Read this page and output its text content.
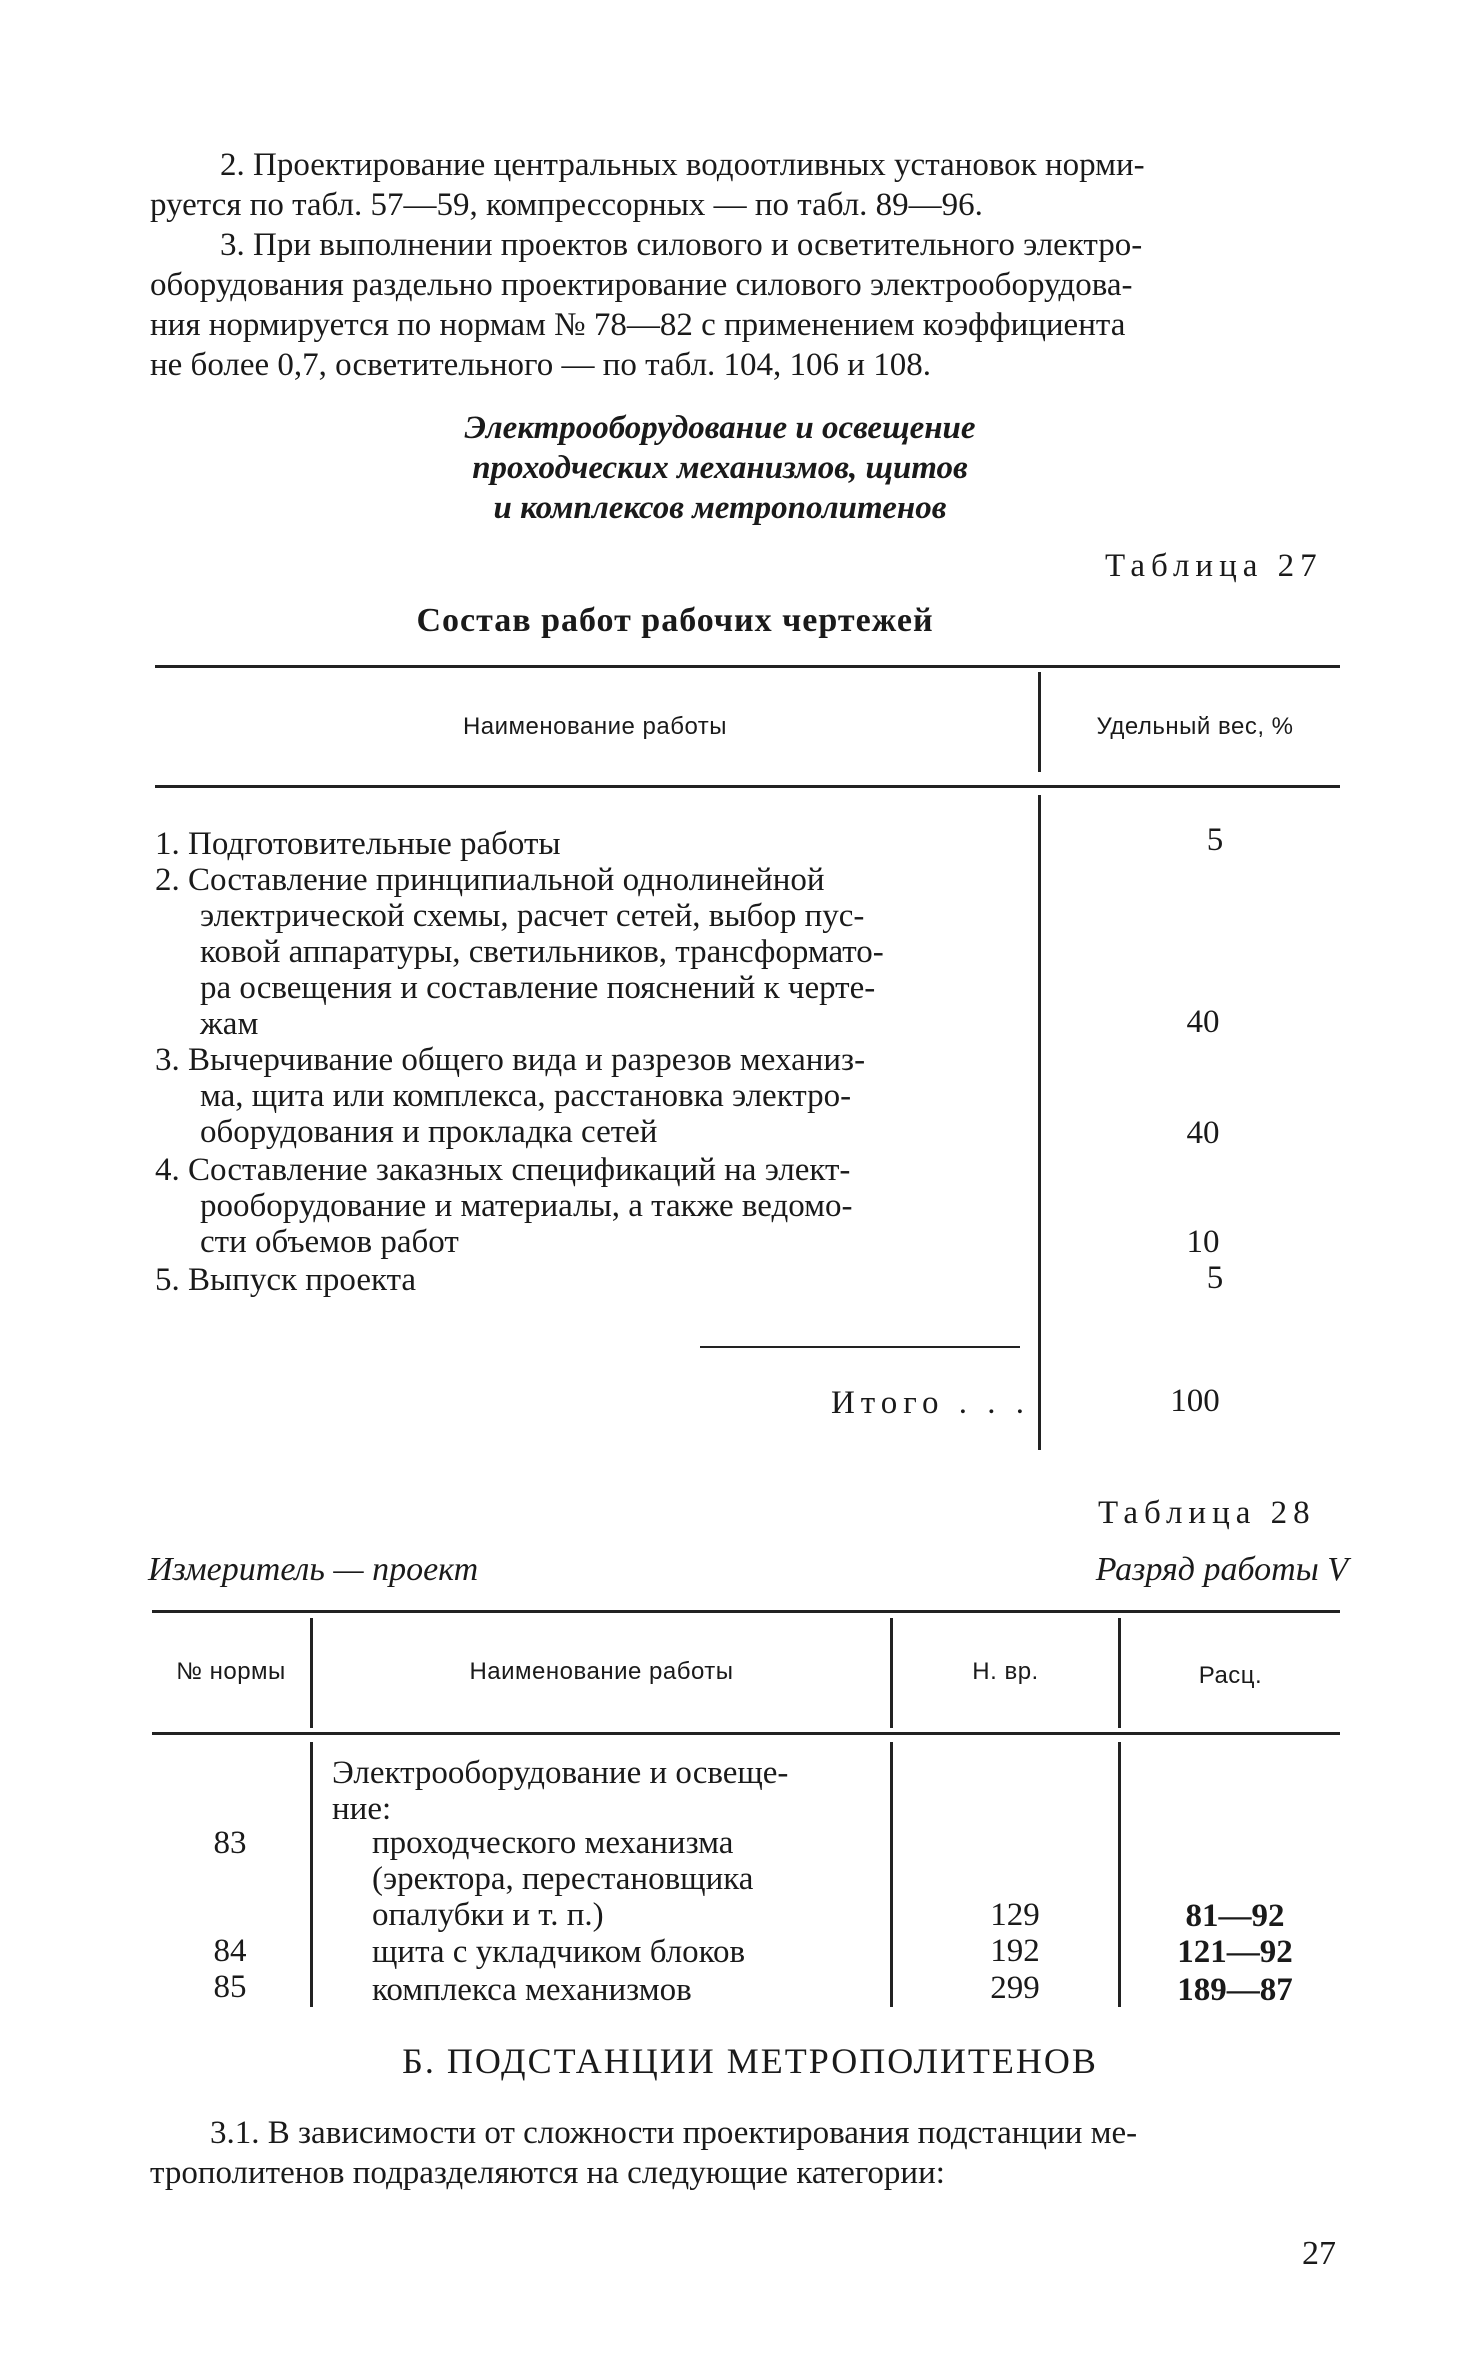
2. Проектирование центральных водоотливных установок норми-
руется по табл. 57—59, компрессорных — по табл. 89—96.
3. При выполнении проектов силового и осветительного электро-
оборудования раздельно проектирование силового электрооборудова-
ния нормируется по нормам № 78—82 с применением коэффициента
не более 0,7, осветительного — по табл. 104, 106 и 108.
Электрооборудование и освещение
проходческих механизмов, щитов
и комплексов метрополитенов
Таблица 27
Состав работ рабочих чертежей
Наименование работы	Удельный вес, %
1. Подготовительные работы	5
2. Составление принципиальной однолинейной
электрической схемы, расчет сетей, выбор пус-
ковой аппаратуры, светильников, трансформато-
ра освещения и составление пояснений к черте-
жам	40
3. Вычерчивание общего вида и разрезов механиз-
ма, щита или комплекса, расстановка электро-
оборудования и прокладка сетей	40
4. Составление заказных спецификаций на элект-
рооборудование и материалы, а также ведомо-
сти объемов работ	10
5. Выпуск проекта	5
Итого . . .	100
Таблица 28
Измеритель — проект	Разряд работы V
№ нормы	Наименование работы	Н. вр.	Расц.
Электрооборудование и освеще-
ние:
83	проходческого механизма
(эректора, перестановщика
опалубки и т. п.)	129	81—92
84	щита с укладчиком блоков	192	121—92
85	комплекса механизмов	299	189—87
Б. ПОДСТАНЦИИ МЕТРОПОЛИТЕНОВ
3.1. В зависимости от сложности проектирования подстанции ме-
трополитенов подразделяются на следующие категории:
27
